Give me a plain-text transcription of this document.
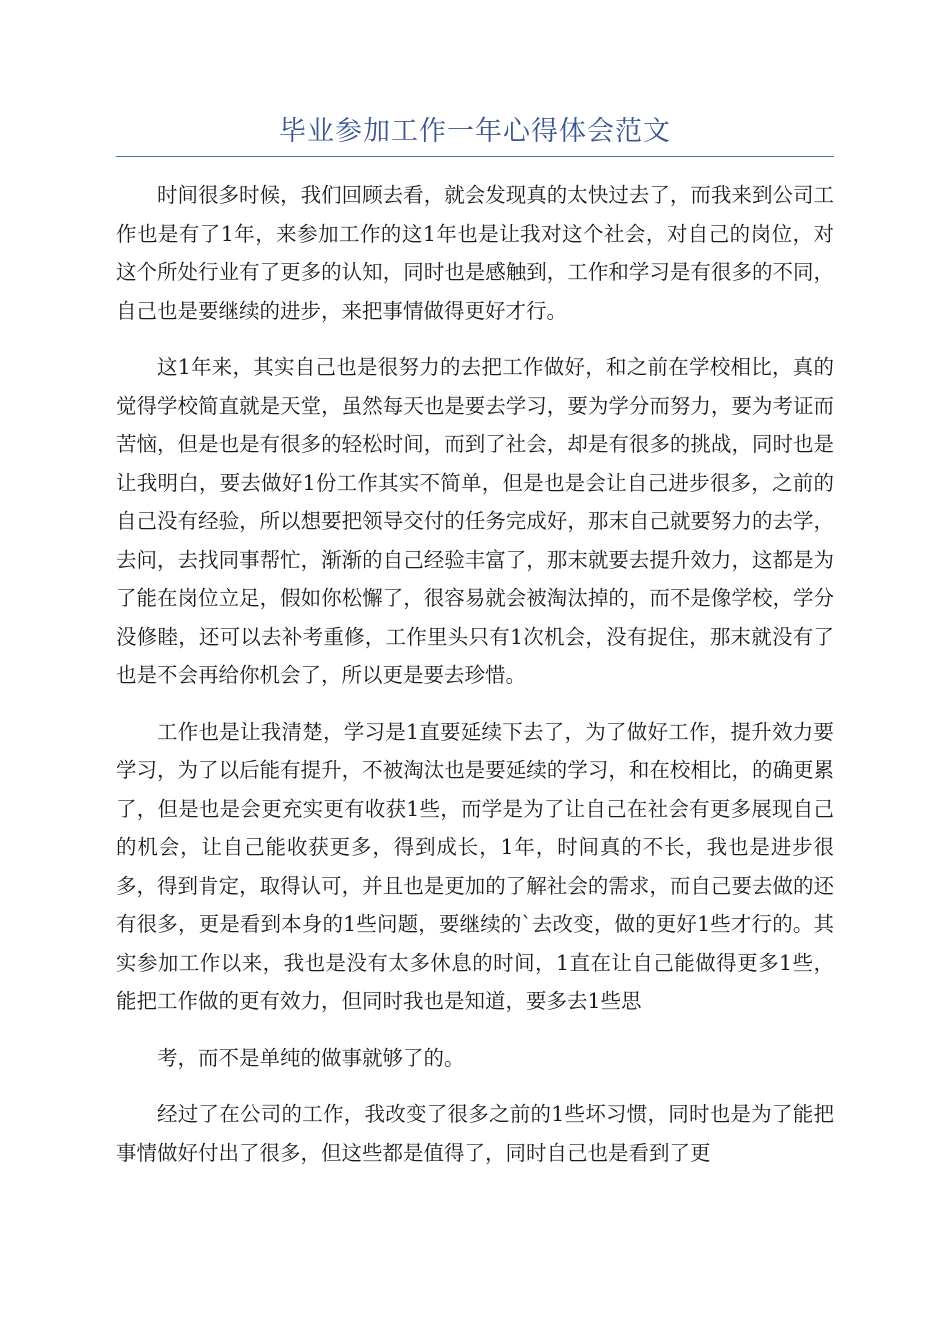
毕业参加工作一年心得体会范文

时间很多时候，我们回顾去看，就会发现真的太快过去了，而我来到公司工作也是有了1年，来参加工作的这1年也是让我对这个社会，对自己的岗位，对这个所处行业有了更多的认知，同时也是感触到，工作和学习是有很多的不同，自己也是要继续的进步，来把事情做得更好才行。

这1年来，其实自己也是很努力的去把工作做好，和之前在学校相比，真的觉得学校简直就是天堂，虽然每天也是要去学习，要为学分而努力，要为考证而苦恼，但是也是有很多的轻松时间，而到了社会，却是有很多的挑战，同时也是让我明白，要去做好1份工作其实不简单，但是也是会让自己进步很多，之前的自己没有经验，所以想要把领导交付的任务完成好，那末自己就要努力的去学，去问，去找同事帮忙，渐渐的自己经验丰富了，那末就要去提升效力，这都是为了能在岗位立足，假如你松懈了，很容易就会被淘汰掉的，而不是像学校，学分没修睦，还可以去补考重修，工作里头只有1次机会，没有捉住，那末就没有了也是不会再给你机会了，所以更是要去珍惜。

工作也是让我清楚，学习是1直要延续下去了，为了做好工作，提升效力要学习，为了以后能有提升，不被淘汰也是要延续的学习，和在校相比，的确更累了，但是也是会更充实更有收获1些，而学是为了让自己在社会有更多展现自己的机会，让自己能收获更多，得到成长，1年，时间真的不长，我也是进步很多，得到肯定，取得认可，并且也是更加的了解社会的需求，而自己要去做的还有很多，更是看到本身的1些问题，要继续的`去改变，做的更好1些才行的。其实参加工作以来，我也是没有太多休息的时间，1直在让自己能做得更多1些，能把工作做的更有效力，但同时我也是知道，要多去1些思

考，而不是单纯的做事就够了的。

经过了在公司的工作，我改变了很多之前的1些坏习惯，同时也是为了能把事情做好付出了很多，但这些都是值得了，同时自己也是看到了更
